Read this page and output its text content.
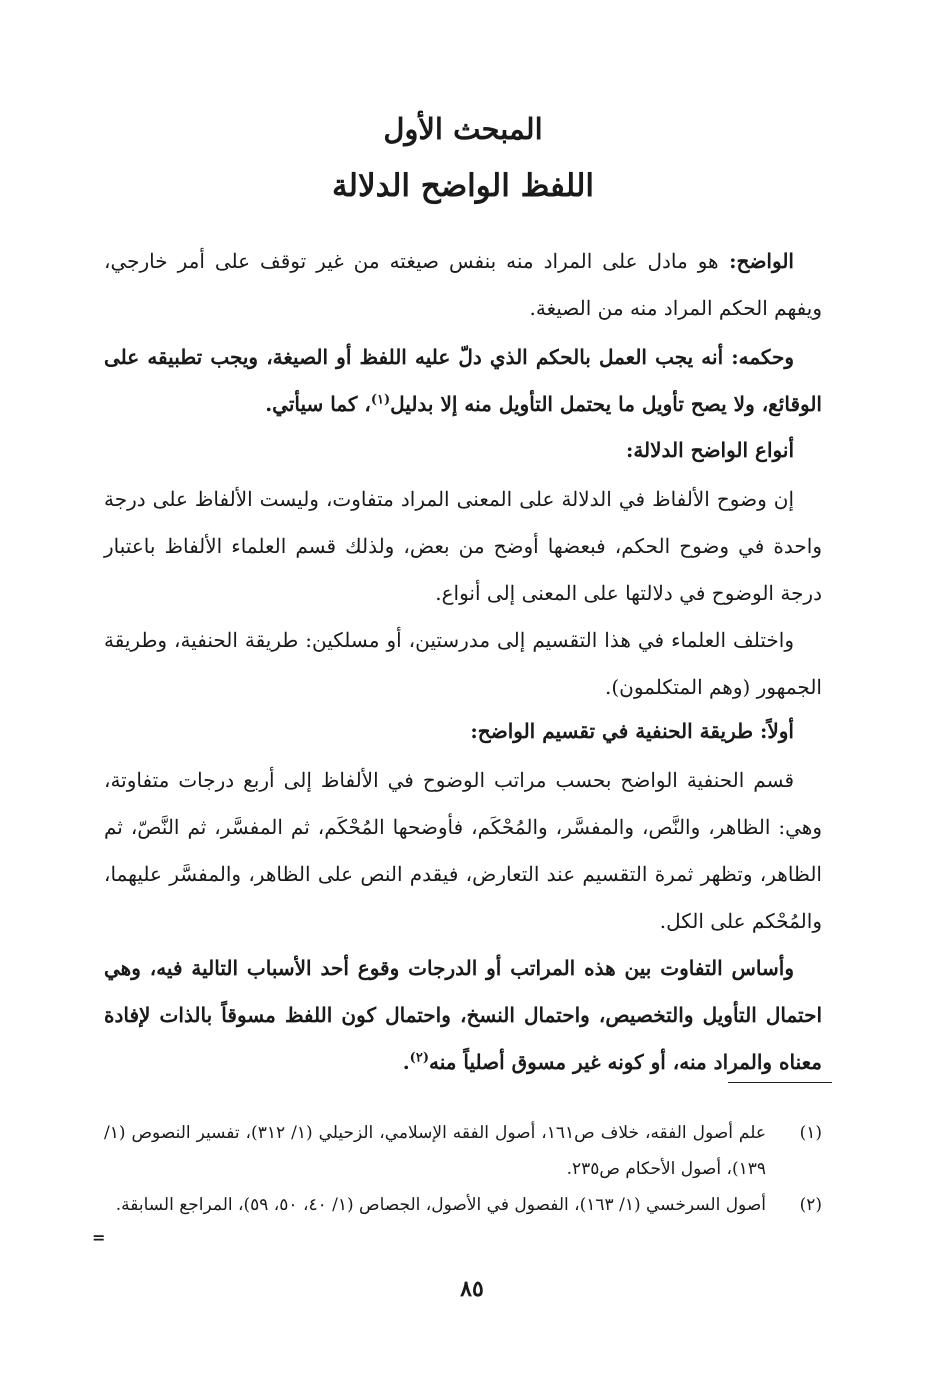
المبحث الأول
اللفظ الواضح الدلالة

الواضح: هو مادل على المراد منه بنفس صيغته من غير توقف على أمر خارجي، ويفهم الحكم المراد منه من الصيغة.

وحكمه: أنه يجب العمل بالحكم الذي دلّ عليه اللفظ أو الصيغة، ويجب تطبيقه على الوقائع، ولا يصح تأويل ما يحتمل التأويل منه إلا بدليل$^{(١)}$، كما سيأتي.

أنواع الواضح الدلالة:

إن وضوح الألفاظ في الدلالة على المعنى المراد متفاوت، وليست الألفاظ على درجة واحدة في وضوح الحكم، فبعضها أوضح من بعض، ولذلك قسم العلماء الألفاظ باعتبار درجة الوضوح في دلالتها على المعنى إلى أنواع.

واختلف العلماء في هذا التقسيم إلى مدرستين، أو مسلكين: طريقة الحنفية، وطريقة الجمهور (وهم المتكلمون).

أولاً: طريقة الحنفية في تقسيم الواضح:

قسم الحنفية الواضح بحسب مراتب الوضوح في الألفاظ إلى أربع درجات متفاوتة، وهي: الظاهر، والنَّص، والمفسَّر، والمُحْكَم، فأوضحها المُحْكَم، ثم المفسَّر، ثم النَّصّ، ثم الظاهر، وتظهر ثمرة التقسيم عند التعارض، فيقدم النص على الظاهر، والمفسَّر عليهما، والمُحْكم على الكل.

وأساس التفاوت بين هذه المراتب أو الدرجات وقوع أحد الأسباب التالية فيه، وهي احتمال التأويل والتخصيص، واحتمال النسخ، واحتمال كون اللفظ مسوقاً بالذات لإفادة معناه والمراد منه، أو كونه غير مسوق أصلياً منه$^{(٢)}$.

(١)
علم أصول الفقه، خلاف ص١٦١، أصول الفقه الإسلامي، الزحيلي (١/ ٣١٢)، تفسير النصوص (١/ ١٣٩)، أصول الأحكام ص٢٣٥.
(٢)
أصول السرخسي (١/ ١٦٣)، الفصول في الأصول، الجصاص (١/ ٤٠، ٥٠، ٥٩)، المراجع السابقة.
=
٨٥
